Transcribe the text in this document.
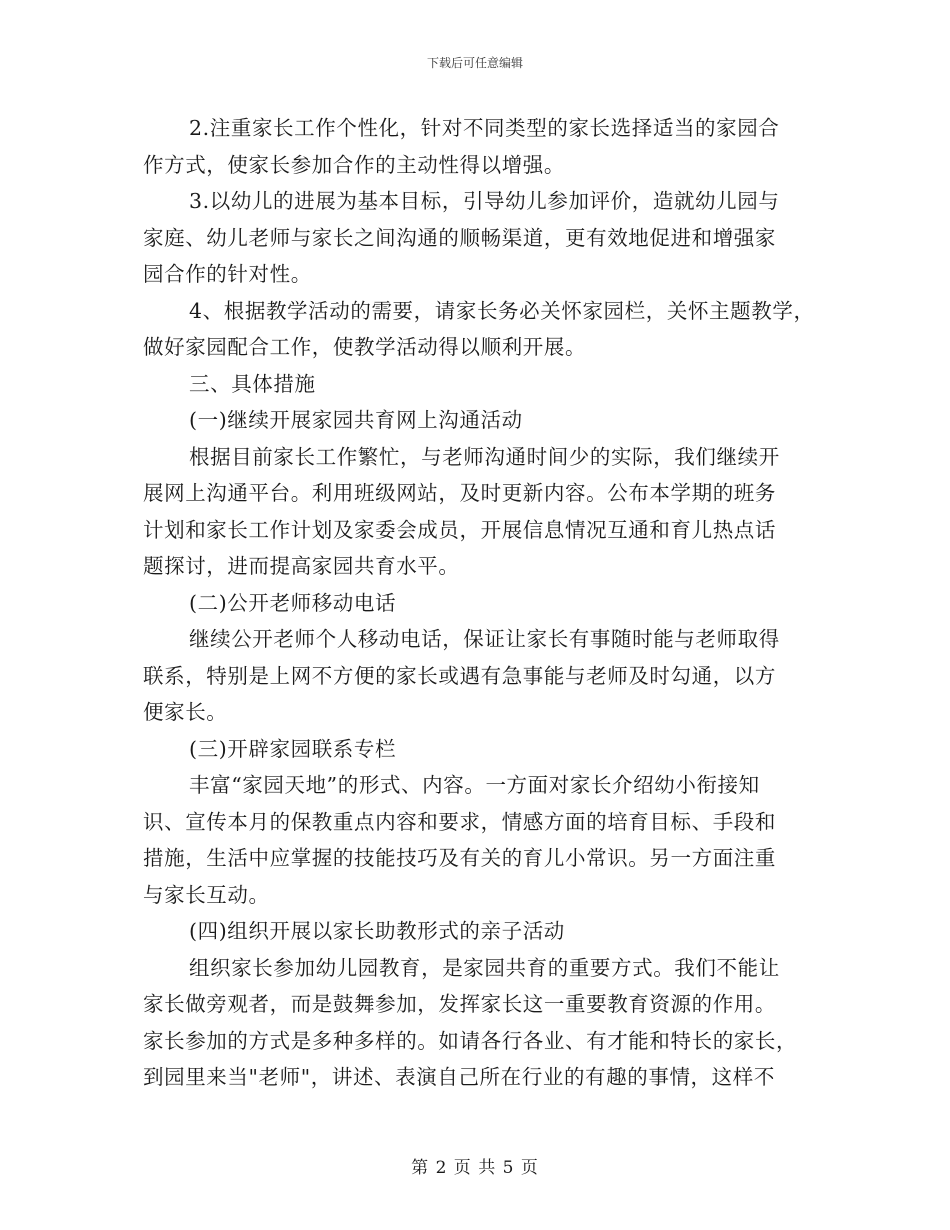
下载后可任意编辑
2.注重家长工作个性化，针对不同类型的家长选择适当的家园合
作方式，使家长参加合作的主动性得以增强。
3.以幼儿的进展为基本目标，引导幼儿参加评价，造就幼儿园与
家庭、幼儿老师与家长之间沟通的顺畅渠道，更有效地促进和增强家
园合作的针对性。
4、根据教学活动的需要，请家长务必关怀家园栏，关怀主题教学，
做好家园配合工作，使教学活动得以顺利开展。
三、具体措施
(一)继续开展家园共育网上沟通活动
根据目前家长工作繁忙，与老师沟通时间少的实际，我们继续开
展网上沟通平台。利用班级网站，及时更新内容。公布本学期的班务
计划和家长工作计划及家委会成员，开展信息情况互通和育儿热点话
题探讨，进而提高家园共育水平。
(二)公开老师移动电话
继续公开老师个人移动电话，保证让家长有事随时能与老师取得
联系，特别是上网不方便的家长或遇有急事能与老师及时勾通，以方
便家长。
(三)开辟家园联系专栏
丰富“家园天地”的形式、内容。一方面对家长介绍幼小衔接知
识、宣传本月的保教重点内容和要求，情感方面的培育目标、手段和
措施，生活中应掌握的技能技巧及有关的育儿小常识。另一方面注重
与家长互动。
(四)组织开展以家长助教形式的亲子活动
组织家长参加幼儿园教育，是家园共育的重要方式。我们不能让
家长做旁观者，而是鼓舞参加，发挥家长这一重要教育资源的作用。
家长参加的方式是多种多样的。如请各行各业、有才能和特长的家长，
到园里来当"老师"，讲述、表演自己所在行业的有趣的事情，这样不
第 2 页 共 5 页
